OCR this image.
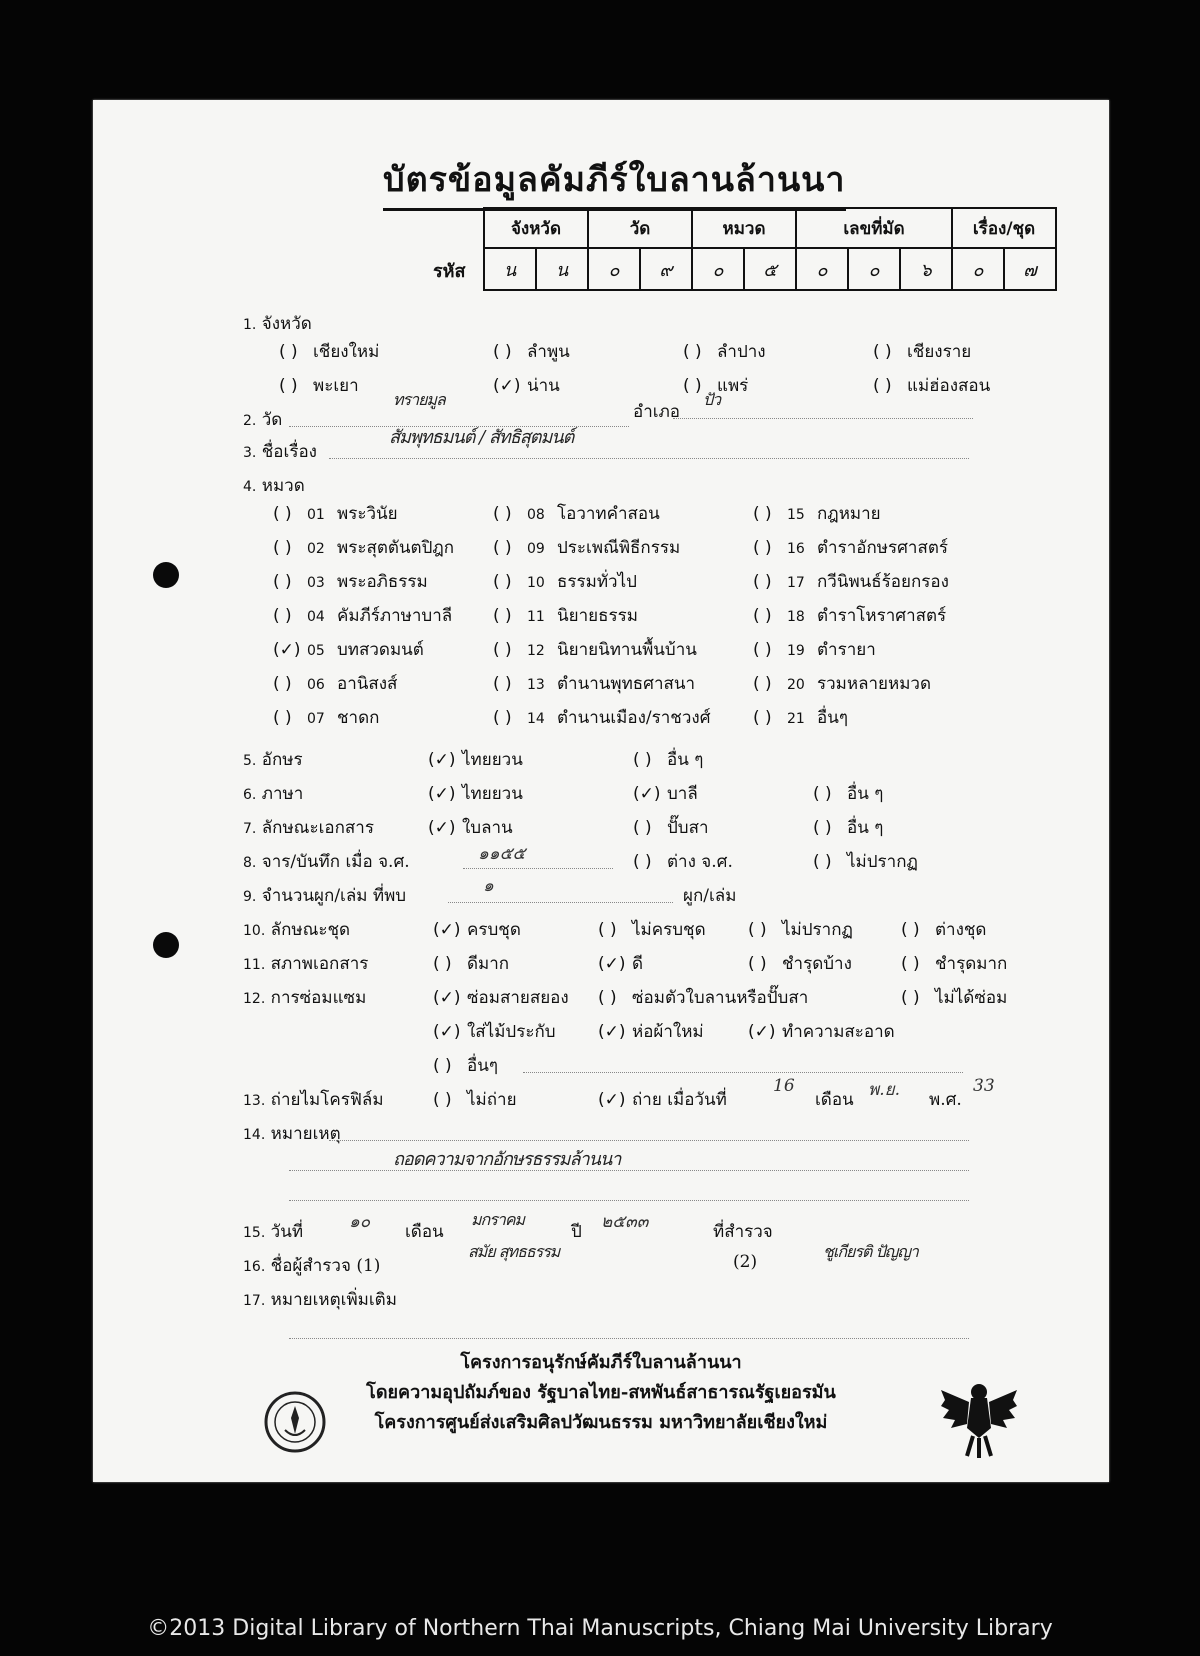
บัตรข้อมูลคัมภีร์ใบลานล้านนา
รหัส
จังหวัด		วัด		หมวด		เลขที่มัด			เรื่อง/ชุด	
น	น	๐	๙	๐	๕	๐	๐	๖	๐	๗
1. จังหวัด
( ) เชียงใหม่	( ) ลำพูน	( ) ลำปาง	( ) เชียงราย
( ) พะเยา	(✓) น่าน	( ) แพร่	( ) แม่ฮ่องสอน
2. วัด
ทรายมูล
อำเภอ
ปัว
3. ชื่อเรื่อง
สัมพุทธมนต์ / สัทธิสุตมนต์
4. หมวด
( ) 01 พระวินัย
( ) 02 พระสุตตันตปิฎก
( ) 03 พระอภิธรรม
( ) 04 คัมภีร์ภาษาบาลี
(✓) 05 บทสวดมนต์
( ) 06 อานิสงส์
( ) 07 ชาดก
( ) 08 โอวาทคำสอน
( ) 09 ประเพณีพิธีกรรม
( ) 10 ธรรมทั่วไป
( ) 11 นิยายธรรม
( ) 12 นิยายนิทานพื้นบ้าน
( ) 13 ตำนานพุทธศาสนา
( ) 14 ตำนานเมือง/ราชวงศ์
( ) 15 กฎหมาย
( ) 16 ตำราอักษรศาสตร์
( ) 17 กวีนิพนธ์ร้อยกรอง
( ) 18 ตำราโหราศาสตร์
( ) 19 ตำรายา
( ) 20 รวมหลายหมวด
( ) 21 อื่นๆ
5. อักษร	(✓) ไทยยวน	( ) อื่น ๆ
6. ภาษา	(✓) ไทยยวน	(✓) บาลี	( ) อื่น ๆ
7. ลักษณะเอกสาร	(✓) ใบลาน	( ) ปั๊บสา	( ) อื่น ๆ
8. จาร/บันทึก เมื่อ จ.ศ.	๑๑๕๕	( ) ต่าง จ.ศ.	( ) ไม่ปรากฏ
9. จำนวนผูก/เล่ม ที่พบ	๑	ผูก/เล่ม
10. ลักษณะชุด	(✓) ครบชุด	( ) ไม่ครบชุด ( ) ไม่ปรากฏ	( ) ต่างชุด
11. สภาพเอกสาร	( ) ดีมาก	(✓) ดี	( ) ชำรุดบ้าง	( ) ชำรุดมาก
12. การซ่อมแซม	(✓) ซ่อมสายสยอง ( ) ซ่อมตัวใบลานหรือปั๊บสา	( ) ไม่ได้ซ่อม
(✓) ใส่ไม้ประกับ (✓) ห่อผ้าใหม่	(✓) ทำความสะอาด
( ) อื่นๆ
13. ถ่ายไมโครฟิล์ม	( ) ไม่ถ่าย	(✓) ถ่าย เมื่อวันที่
16
เดือน พ.ย. พ.ศ.
33
14. หมายเหตุ
ถอดความจากอักษรธรรมล้านนา
15. วันที่	๑๐ เดือน
มกราคม
ปี ๒๕๓๓	ที่สำรวจ
16. ชื่อผู้สำรวจ (1)
สมัย สุทธธรรม
(2)
ชูเกียรติ ปัญญา
17. หมายเหตุเพิ่มเติม
โครงการอนุรักษ์คัมภีร์ใบลานล้านนา
โดยความอุปถัมภ์ของ รัฐบาลไทย-สหพันธ์สาธารณรัฐเยอรมัน
โครงการศูนย์ส่งเสริมศิลปวัฒนธรรม มหาวิทยาลัยเชียงใหม่
©2013 Digital Library of Northern Thai Manuscripts, Chiang Mai University Library
